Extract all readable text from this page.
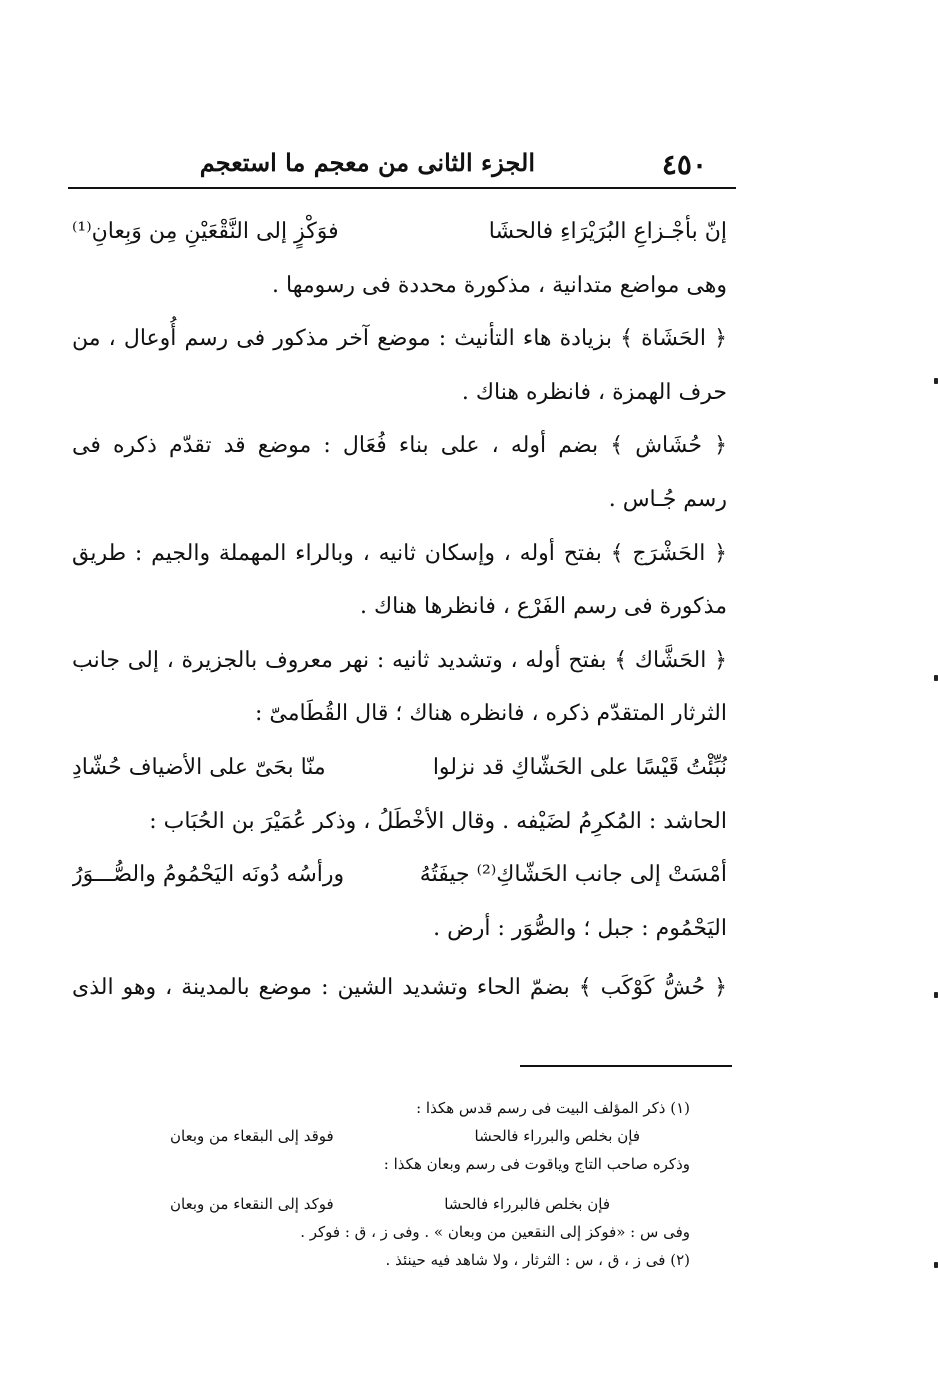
٤٥٠
الجزء الثانى من معجم ما استعجم
إنّ بأجْـزاعِ البُرَيْرَاءِ فالحشَا
فوَكْزٍ إلى النَّقْعَيْنِ مِن وَبِعانِ⁽¹⁾
وهى مواضع متدانية ، مذكورة محددة فى رسومها .
﴿ الحَشَاة ﴾ بزيادة هاء التأنيث : موضع آخر مذكور فى رسم أُوعال ، من
حرف الهمزة ، فانظره هناك .
﴿ حُشَاش ﴾ بضم أوله ، على بناء فُعَال : موضع قد تقدّم ذكره فى
رسم جُـاس .
﴿ الحَشْرَج ﴾ بفتح أوله ، وإسكان ثانيه ، وبالراء المهملة والجيم : طريق
مذكورة فى رسم الفَرْع ، فانظرها هناك .
﴿ الحَشَّاك ﴾ بفتح أوله ، وتشديد ثانيه : نهر معروف بالجزيرة ، إلى جانب
الثرثار المتقدّم ذكره ، فانظره هناك ؛ قال القُطَامىّ :
نُبِّئْتُ قَيْسًا على الحَشّاكِ قد نزلوا
منّا بحَىّ على الأضياف حُشّادِ
الحاشد : المُكرِمُ لضَيْفه . وقال الأخْطَلُ ، وذكر عُمَيْرَ بن الحُبَاب :
أمْسَتْ إلى جانب الحَشّاكِ⁽²⁾ جيفَتُهُ
ورأسُه دُونَه اليَحْمُومُ والصُّـــوَرُ
اليَحْمُوم : جبل ؛ والصُّوَر : أرض .
﴿ حُشُّ كَوْكَب ﴾ بضمّ الحاء وتشديد الشين : موضع بالمدينة ، وهو الذى
(١) ذكر المؤلف البيت فى رسم قدس هكذا :
فإن بخلص والبرراء فالحشا
فوقد إلى البقعاء من وبعان
وذكره صاحب التاج وياقوت فى رسم وبعان هكذا :
فإن بخلص فالبرراء فالحشا
فوكد إلى النقعاء من وبعان
وفى س : «فوكز إلى النقعين من وبعان » . وفى ز ، ق : فوكر .
(٢) فى ز ، ق ، س : الثرثار ، ولا شاهد فيه حينئذ .
